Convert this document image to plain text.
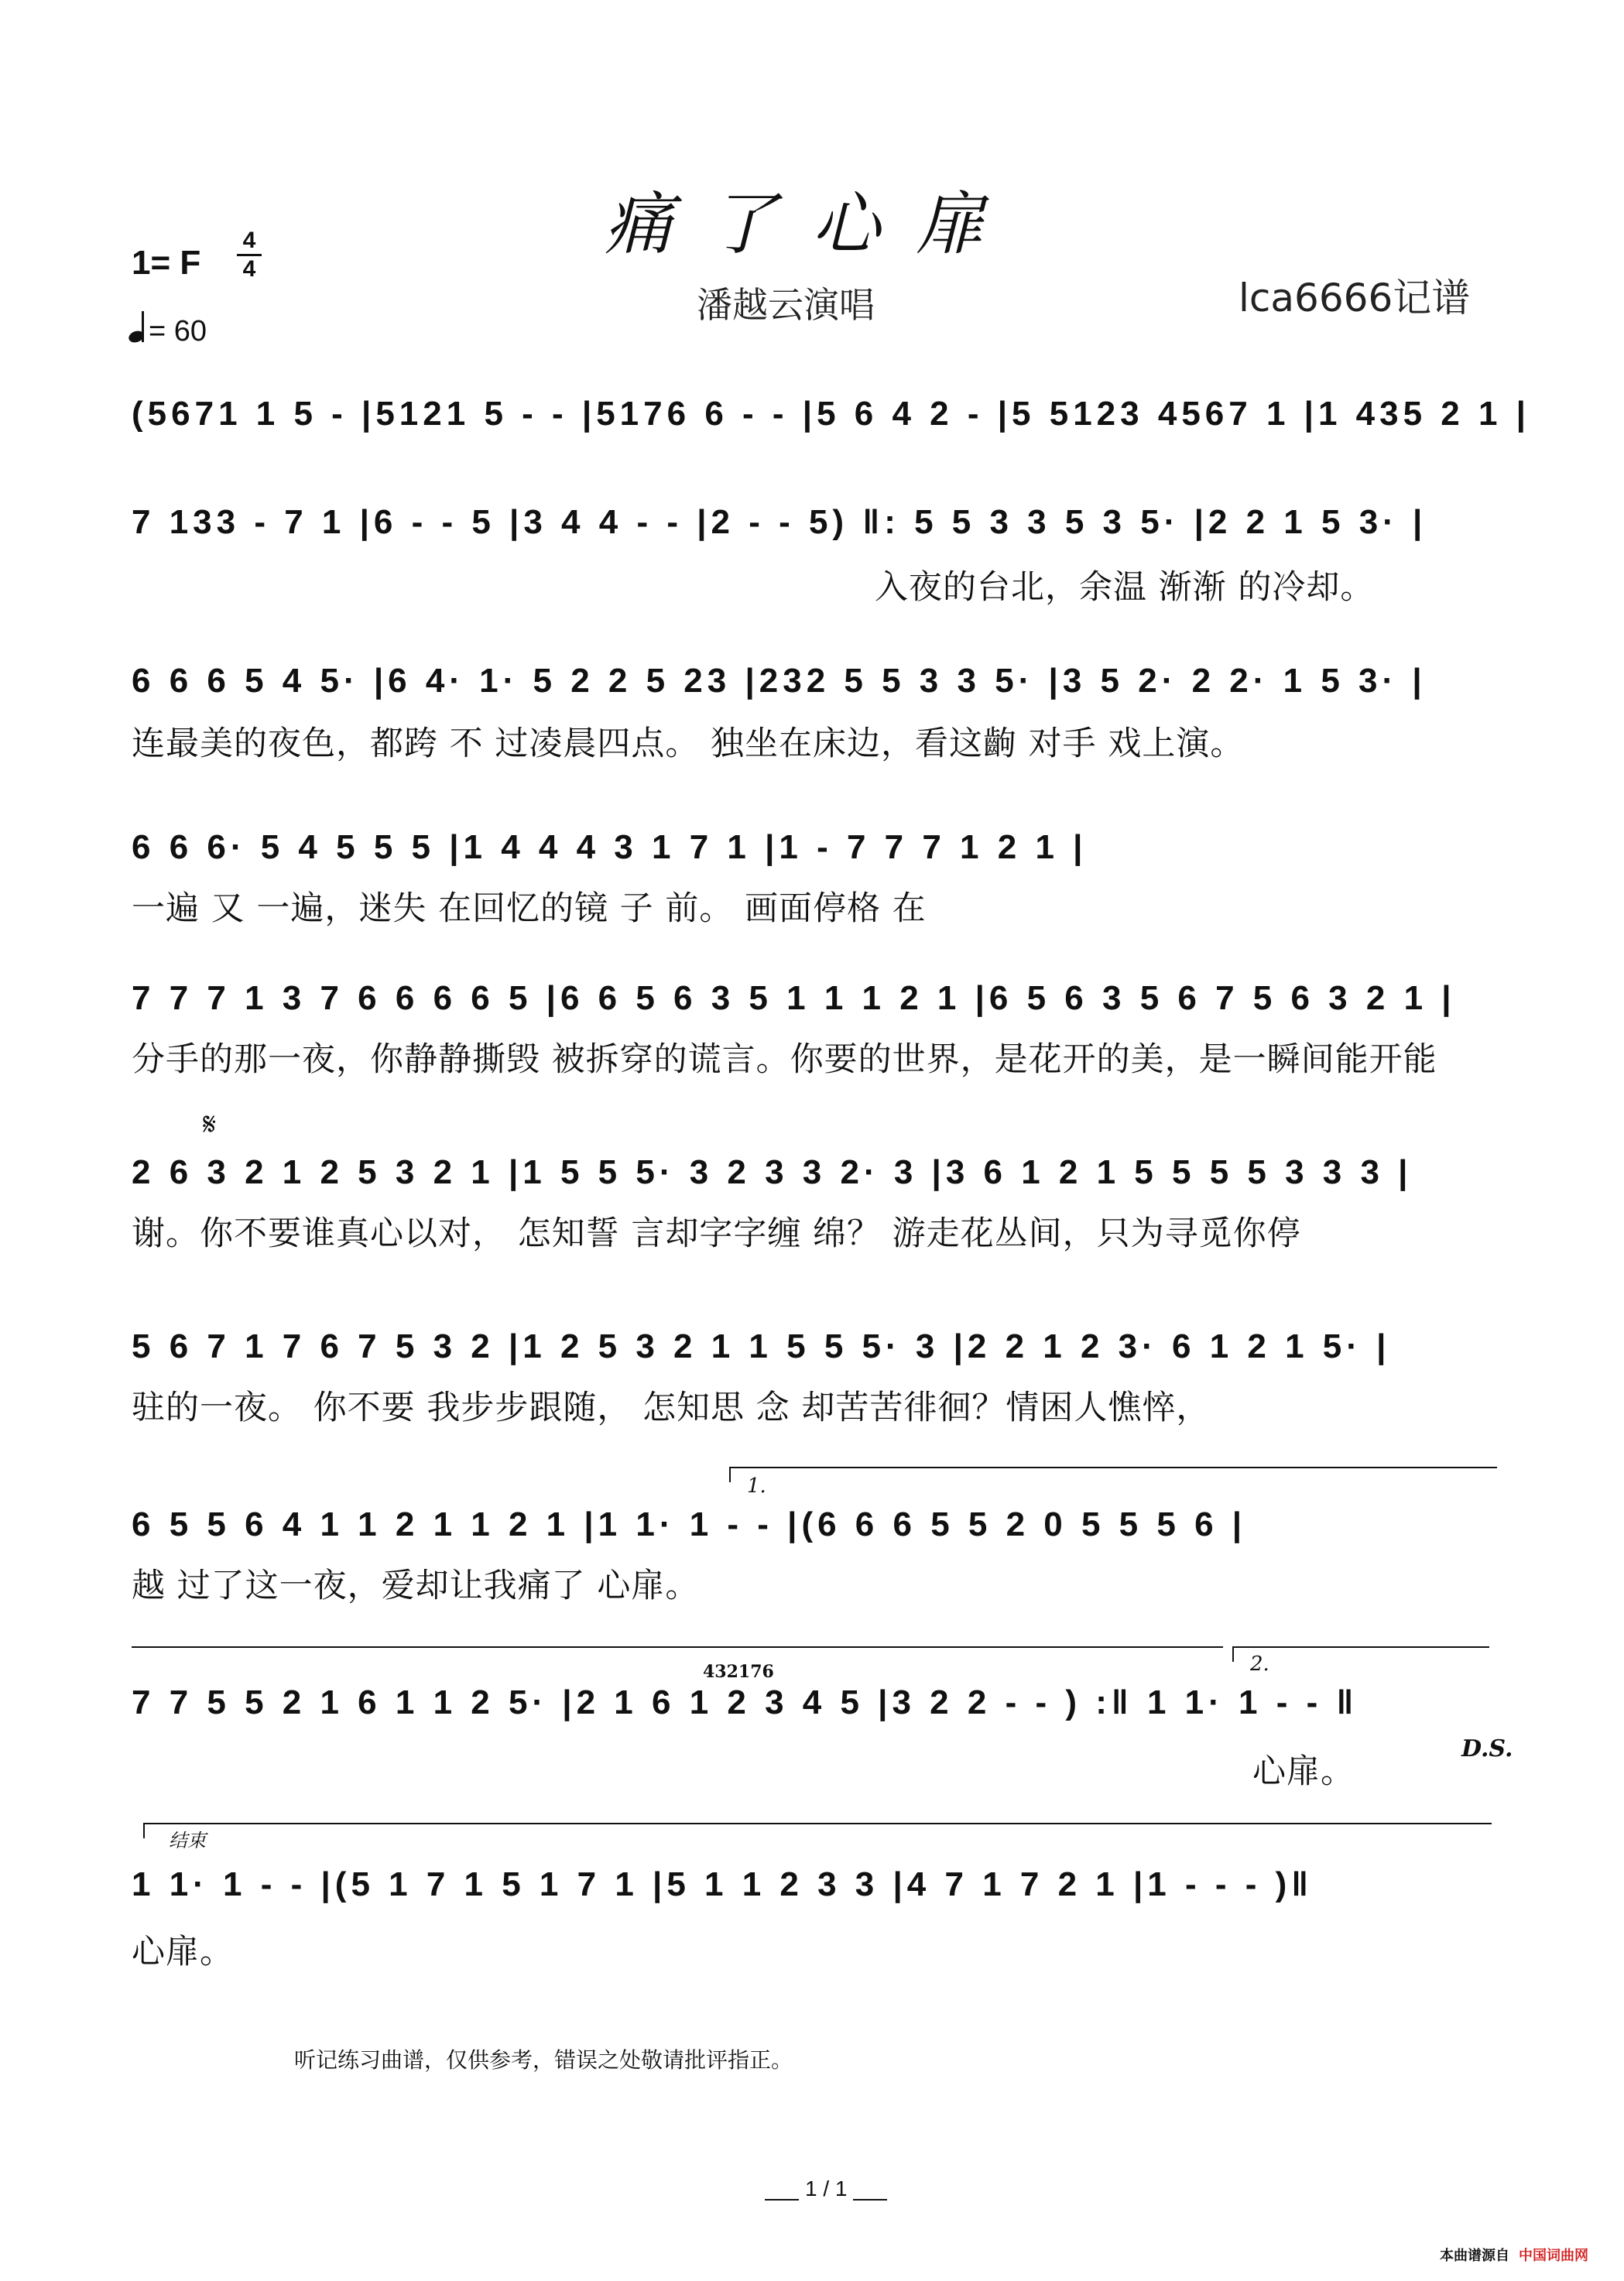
痛了心扉
1= F
4
4
= 60
潘越云演唱	lca6666记谱
(5671 1 5 - |5121 5 - - |5176 6 - - |5 6 4 2 - |5 5123 4567 1 |1 435 2 1 |
7 133 - 7 1 |6 - - 5 |3 4 4 - - |2 - - 5) ‖: 5 5 3 3 5 3 5· |2 2 1 5 3· |
入夜的台北，余温 渐渐 的冷却。
6 6 6 5 4 5· |6 4· 1· 5 2 2 5 23 |232 5 5 3 3 5· |3 5 2· 2 2· 1 5 3· |
连最美的夜色，都跨 不 过凌晨四点。 独坐在床边，看这齣 对手 戏上演。
6 6 6· 5 4 5 5 5 |1 4 4 4 3 1 7 1 |1 - 7 7 7 1 2 1 |
一遍 又 一遍，迷失 在回忆的镜 子 前。 画面停格 在
7 7 7 1 3 7 6 6 6 6 5 |6 6 5 6 3 5 1 1 1 2 1 |6 5 6 3 5 6 7 5 6 3 2 1 |
分手的那一夜，你静静撕毁 被拆穿的谎言。你要的世界，是花开的美，是一瞬间能开能
𝄋
2 6 3 2 1 2 5 3 2 1 |1 5 5 5· 3 2 3 3 2· 3 |3 6 1 2 1 5 5 5 5 3 3 3 |
谢。你不要谁真心以对， 怎知誓 言却字字缠 绵？ 游走花丛间，只为寻觅你停
5 6 7 1 7 6 7 5 3 2 |1 2 5 3 2 1 1 5 5 5· 3 |2 2 1 2 3· 6 1 2 1 5· |
驻的一夜。 你不要 我步步跟随， 怎知思 念 却苦苦徘徊？情困人憔悴，
1.
6 5 5 6 4 1 1 2 1 1 2 1 |1 1· 1 - - |(6 6 6 5 5 2 0 5 5 5 6 |
越 过了这一夜，爱却让我痛了 心扉。
2.
432176
7 7 5 5 2 1 6 1 1 2 5· |2 1 6 1 2 3 4 5 |3 2 2 - - ) :‖ 1 1· 1 - - ‖
心扉。
D.S.
结束
1 1· 1 - - |(5 1 7 1 5 1 7 1 |5 1 1 2 3 3 |4 7 1 7 2 1 |1 - - - )‖
心扉。
听记练习曲谱，仅供参考，错误之处敬请批评指正。
1 / 1
本曲谱源自 中国词曲网
